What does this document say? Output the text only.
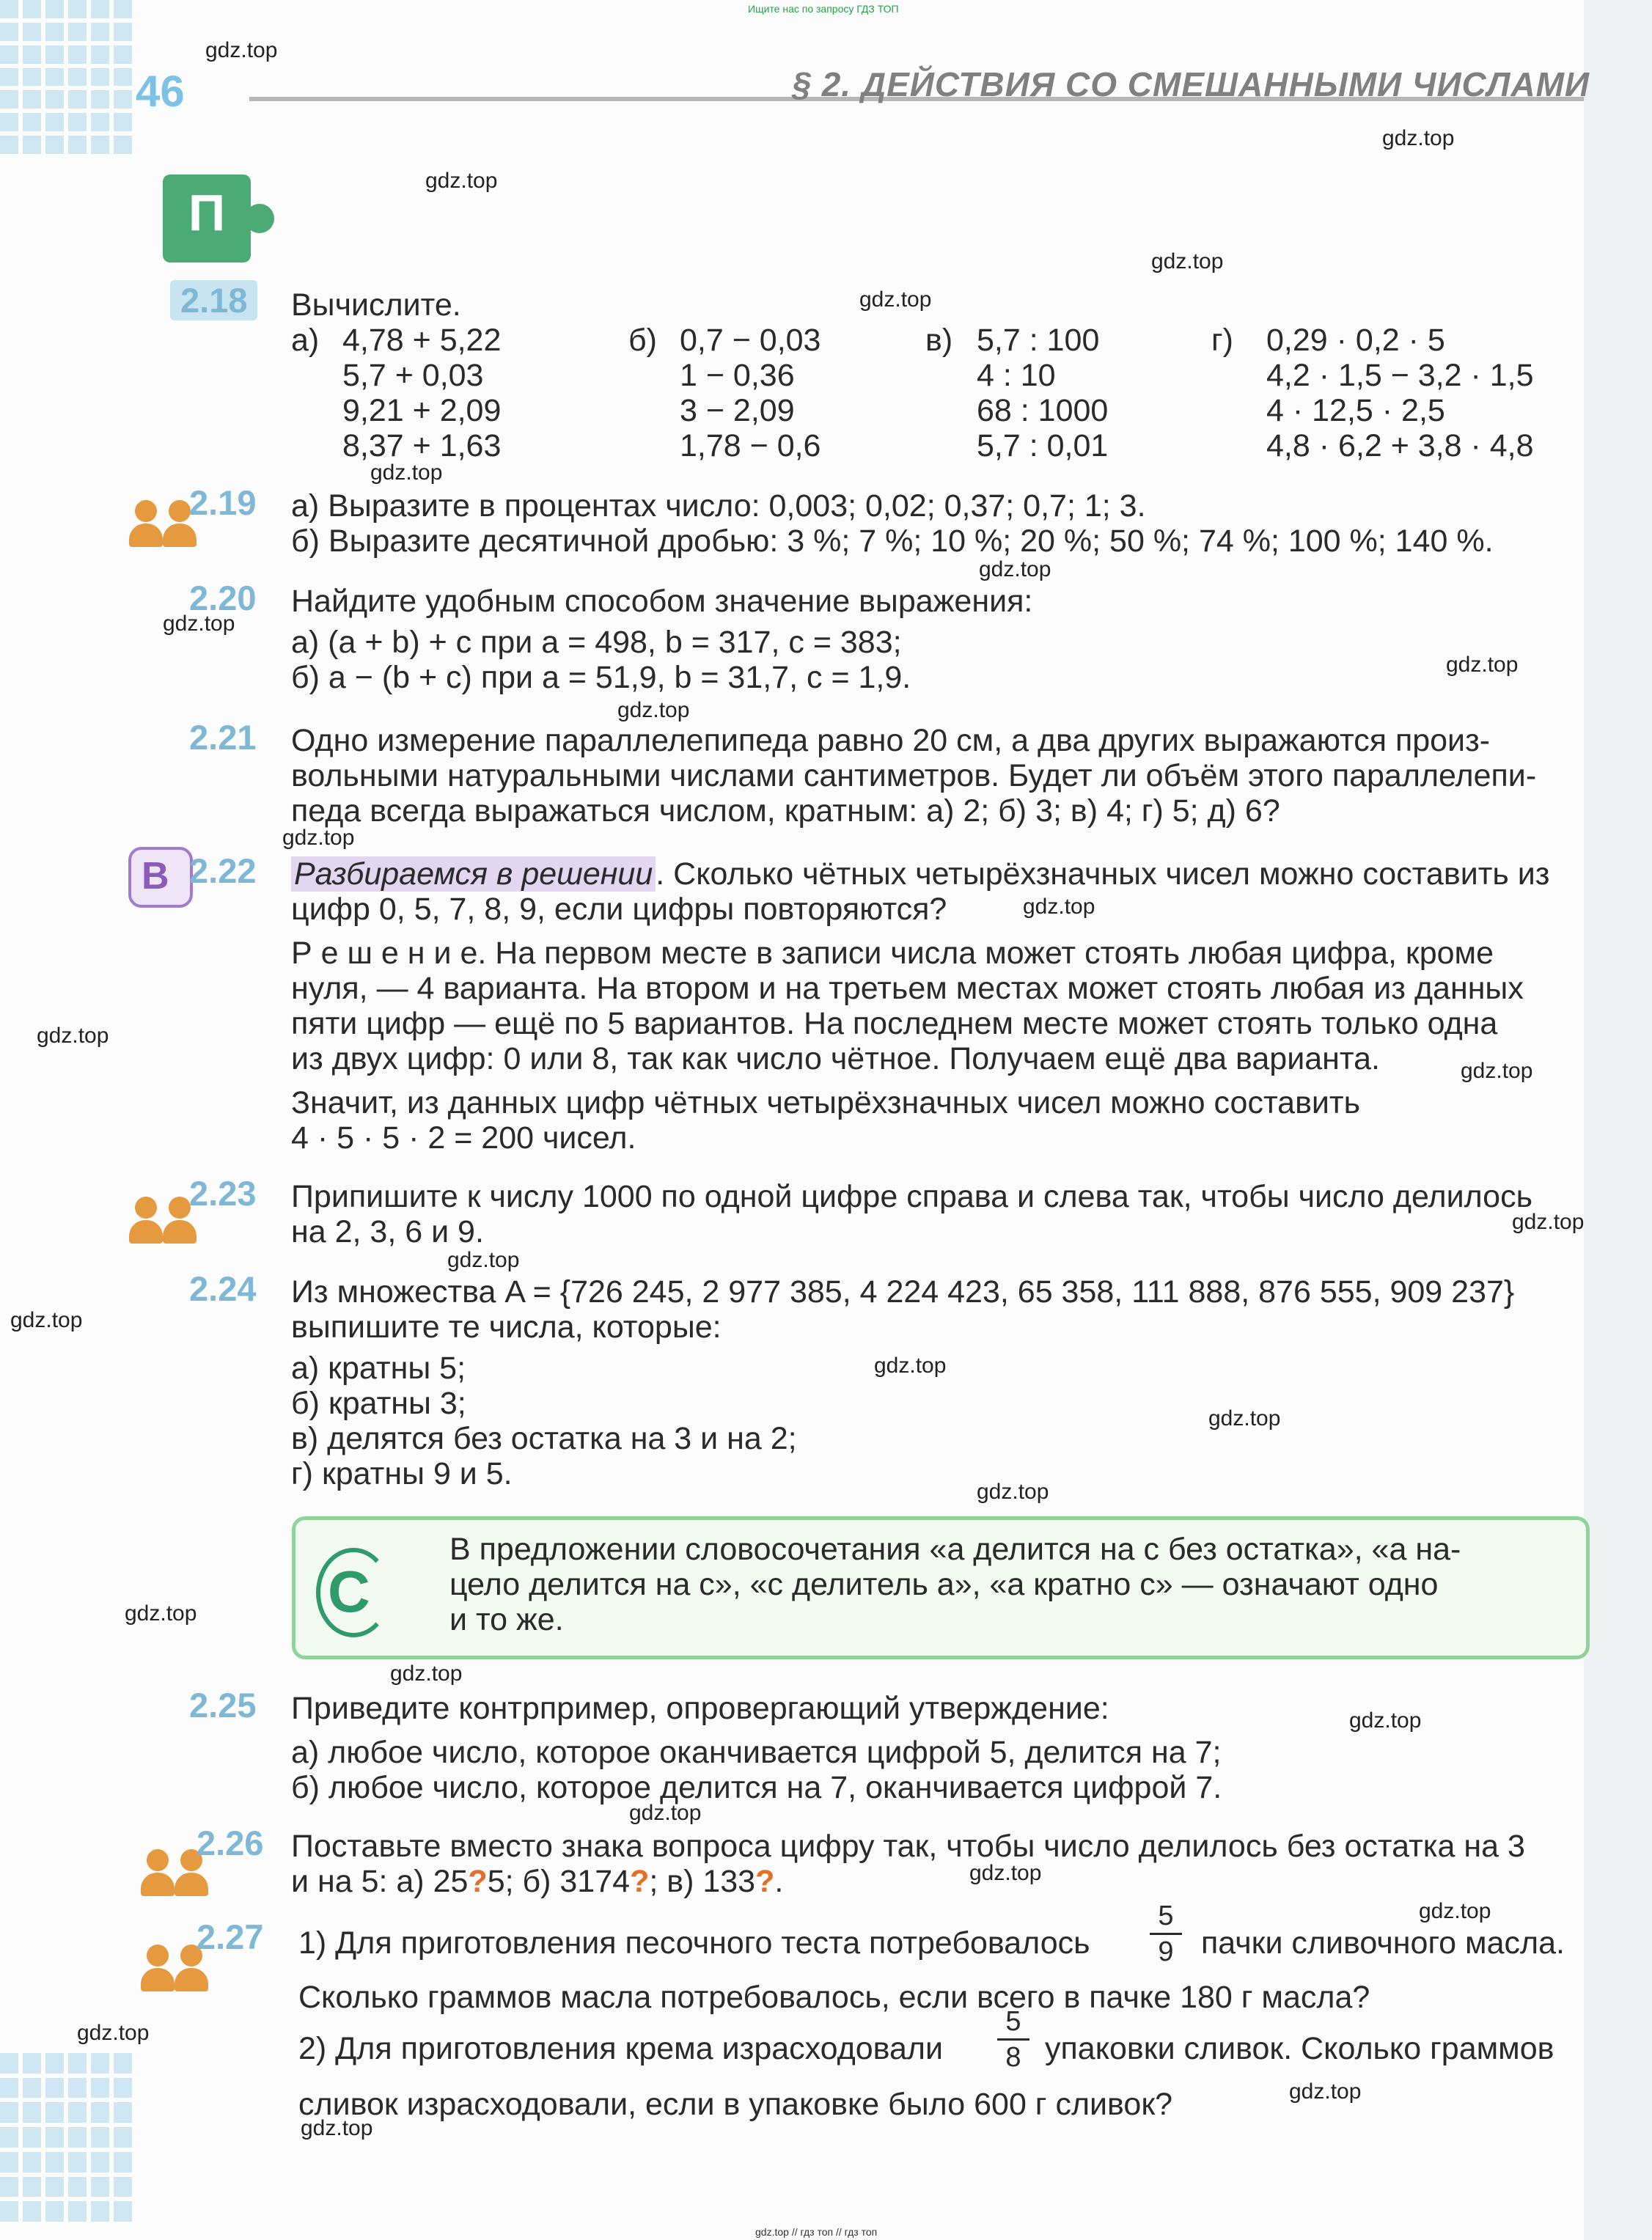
Ищите нас по запросу ГДЗ ТОП
46	§ 2. ДЕЙСТВИЯ СО СМЕШАННЫМИ ЧИСЛАМИ
П
2.18	Вычислите.
а) 4,78 + 5,22	б) 0,7 − 0,03	в) 5,7 : 100	г) 0,29 · 0,2 · 5
5,7 + 0,03	1 − 0,36	4 : 10	4,2 · 1,5 − 3,2 · 1,5
9,21 + 2,09	3 − 2,09	68 : 1000	4 · 12,5 · 2,5
8,37 + 1,63	1,78 − 0,6	5,7 : 0,01	4,8 · 6,2 + 3,8 · 4,8
2.19 а) Выразите в процентах число: 0,003; 0,02; 0,37; 0,7; 1; 3.
б) Выразите десятичной дробью: 3 %; 7 %; 10 %; 20 %; 50 %; 74 %; 100 %; 140 %.
2.20 Найдите удобным способом значение выражения:
а) (a + b) + c при a = 498, b = 317, c = 383;
б) a − (b + c) при a = 51,9, b = 31,7, c = 1,9.
2.21 Одно измерение параллелепипеда равно 20 см, а два других выражаются произ-
вольными натуральными числами сантиметров. Будет ли объём этого параллелепи-
педа всегда выражаться числом, кратным: а) 2; б) 3; в) 4; г) 5; д) 6?
В 2.22 Разбираемся в решении. Сколько чётных четырёхзначных чисел можно составить из
цифр 0, 5, 7, 8, 9, если цифры повторяются?
Р е ш е н и е. На первом месте в записи числа может стоять любая цифра, кроме
нуля, — 4 варианта. На втором и на третьем местах может стоять любая из данных
пяти цифр — ещё по 5 вариантов. На последнем месте может стоять только одна
из двух цифр: 0 или 8, так как число чётное. Получаем ещё два варианта.
Значит, из данных цифр чётных четырёхзначных чисел можно составить
4 · 5 · 5 · 2 = 200 чисел.
2.23 Припишите к числу 1000 по одной цифре справа и слева так, чтобы число делилось
на 2, 3, 6 и 9.
2.24 Из множества A = {726 245, 2 977 385, 4 224 423, 65 358, 111 888, 876 555, 909 237}
выпишите те числа, которые:
а) кратны 5;
б) кратны 3;
в) делятся без остатка на 3 и на 2;
г) кратны 9 и 5.
С
В предложении словосочетания «a делится на c без остатка», «a на-
цело делится на c», «c делитель a», «a кратно c» — означают одно
и то же.
2.25 Приведите контрпример, опровергающий утверждение:
а) любое число, которое оканчивается цифрой 5, делится на 7;
б) любое число, которое делится на 7, оканчивается цифрой 7.
2.26 Поставьте вместо знака вопроса цифру так, чтобы число делилось без остатка на 3
и на 5: а) 25?5; б) 3174?; в) 133?.
2.27 1) Для приготовления песочного теста потребовалось
5
9 пачки сливочного масла.
Сколько граммов масла потребовалось, если всего в пачке 180 г масла?
2) Для приготовления крема израсходовали
5
8 упаковки сливок. Сколько граммов
сливок израсходовали, если в упаковке было 600 г сливок?
gdz.top
gdz.top
gdz.top
gdz.top
gdz.top
gdz.top
gdz.top
gdz.top
gdz.top
gdz.top
gdz.top
gdz.top
gdz.top
gdz.top
gdz.top
gdz.top
gdz.top
gdz.top
gdz.top
gdz.top
gdz.top
gdz.top
gdz.top
gdz.top
gdz.top
gdz.top
gdz.top
gdz.top
gdz.top
gdz.top // гдз топ // гдз топ
